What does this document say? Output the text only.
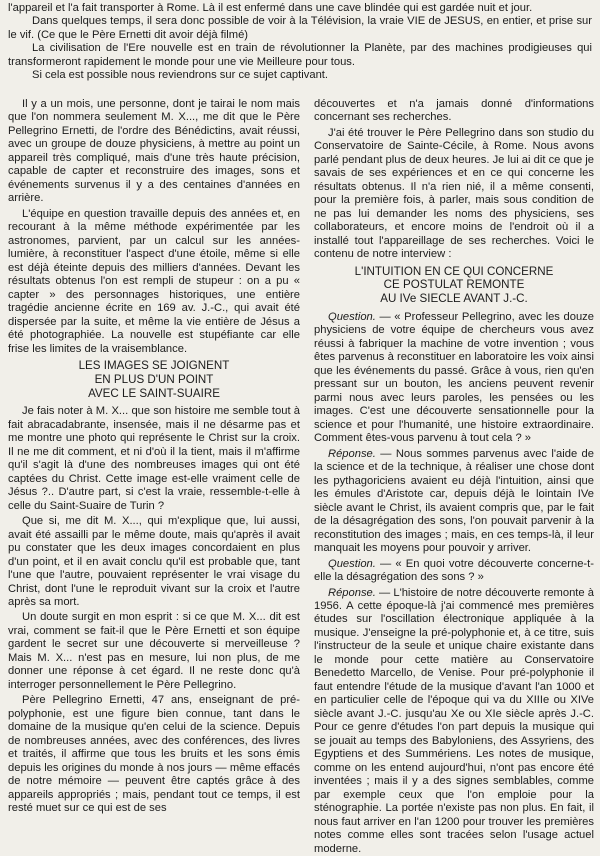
l'appareil et l'a fait transporter à Rome. Là il est enfermé dans une cave blindée qui est gardée nuit et jour.

Dans quelques temps, il sera donc possible de voir à la Télévision, la vraie VIE de JESUS, en entier, et prise sur le vif. (Ce que le Père Ernetti dit avoir déjà filmé)

La civilisation de l'Ere nouvelle est en train de révolutionner la Planète, par des machines prodigieuses qui transformeront rapidement le monde pour une vie Meilleure pour tous.

Si cela est possible nous reviendrons sur ce sujet captivant.

Il y a un mois, une personne, dont je tairai le nom mais que l'on nommera seulement M. X..., me dit que le Père Pellegrino Ernetti, de l'ordre des Bénédictins, avait réussi, avec un groupe de douze physiciens, à mettre au point un appareil très compliqué, mais d'une très haute précision, capable de capter et reconstruire des images, sons et événements survenus il y a des centaines d'années en arrière.

L'équipe en question travaille depuis des années et, en recourant à la même méthode expérimentée par les astronomes, parvient, par un calcul sur les années-lumière, à reconstituer l'aspect d'une étoile, même si elle est déjà éteinte depuis des milliers d'années. Devant les résultats obtenus l'on est rempli de stupeur : on a pu « capter » des personnages historiques, une entière tragédie ancienne écrite en 169 av. J.-C., qui avait été dispersée par la suite, et même la vie entière de Jésus a été photographiée. La nouvelle est stupéfiante car elle frise les limites de la vraisemblance.

LES IMAGES SE JOIGNENT
EN PLUS D'UN POINT
AVEC LE SAINT-SUAIRE

Je fais noter à M. X... que son histoire me semble tout à fait abracadabrante, insensée, mais il ne désarme pas et me montre une photo qui représente le Christ sur la croix. Il ne me dit comment, et ni d'où il la tient, mais il m'affirme qu'il s'agit là d'une des nombreuses images qui ont été captées du Christ. Cette image est-elle vraiment celle de Jésus ?.. D'autre part, si c'est la vraie, ressemble-t-elle à celle du Saint-Suaire de Turin ?

Que si, me dit M. X..., qui m'explique que, lui aussi, avait été assailli par le même doute, mais qu'après il avait pu constater que les deux images concordaient en plus d'un point, et il en avait conclu qu'il est probable que, tant l'une que l'autre, pouvaient représenter le vrai visage du Christ, dont l'une le reproduit vivant sur la croix et l'autre après sa mort.

Un doute surgit en mon esprit : si ce que M. X... dit est vrai, comment se fait-il que le Père Ernetti et son équipe gardent le secret sur une découverte si merveilleuse ? Mais M. X... n'est pas en mesure, lui non plus, de me donner une réponse à cet égard. Il ne reste donc qu'à interroger personnellement le Père Pellegrino.

Père Pellegrino Ernetti, 47 ans, enseignant de pré-polyphonie, est une figure bien connue, tant dans le domaine de la musique qu'en celui de la science. Depuis de nombreuses années, avec des conférences, des livres et traités, il affirme que tous les bruits et les sons émis depuis les origines du monde à nos jours — même effacés de notre mémoire — peuvent être captés grâce à des appareils appropriés ; mais, pendant tout ce temps, il est resté muet sur ce qui est de ses

découvertes et n'a jamais donné d'informations concernant ses recherches.

J'ai été trouver le Père Pellegrino dans son studio du Conservatoire de Sainte-Cécile, à Rome. Nous avons parlé pendant plus de deux heures. Je lui ai dit ce que je savais de ses expériences et en ce qui concerne les résultats obtenus. Il n'a rien nié, il a même consenti, pour la première fois, à parler, mais sous condition de ne pas lui demander les noms des physiciens, ses collaborateurs, et encore moins de l'endroit où il a installé tout l'appareillage de ses recherches. Voici le contenu de notre interview :

L'INTUITION EN CE QUI CONCERNE
CE POSTULAT REMONTE
AU IVe SIECLE AVANT J.-C.

Question. — « Professeur Pellegrino, avec les douze physiciens de votre équipe de chercheurs vous avez réussi à fabriquer la machine de votre invention ; vous êtes parvenus à reconstituer en laboratoire les voix ainsi que les événements du passé. Grâce à vous, rien qu'en pressant sur un bouton, les anciens peuvent revenir parmi nous avec leurs paroles, les pensées ou les images. C'est une découverte sensationnelle pour la science et pour l'humanité, une histoire extraordinaire. Comment êtes-vous parvenu à tout cela ? »

Réponse. — Nous sommes parvenus avec l'aide de la science et de la technique, à réaliser une chose dont les pythagoriciens avaient eu déjà l'intuition, ainsi que les émules d'Aristote car, depuis déjà le lointain IVe siècle avant le Christ, ils avaient compris que, par le fait de la désagrégation des sons, l'on pouvait parvenir à la reconstitution des images ; mais, en ces temps-là, il leur manquait les moyens pour pouvoir y arriver.

Question. — « En quoi votre découverte concerne-t-elle la désagrégation des sons ? »

Réponse. — L'histoire de notre découverte remonte à 1956. A cette époque-là j'ai commencé mes premières études sur l'oscillation électronique appliquée à la musique. J'enseigne la pré-polyphonie et, à ce titre, suis l'instructeur de la seule et unique chaire existante dans le monde pour cette matière au Conservatoire Benedetto Marcello, de Venise. Pour pré-polyphonie il faut entendre l'étude de la musique d'avant l'an 1000 et en particulier celle de l'époque qui va du XIIIe ou XIVe siècle avant J.-C. jusqu'au Xe ou XIe siècle après J.-C. Pour ce genre d'études l'on part depuis la musique qui se jouait au temps des Babyloniens, des Assyriens, des Egyptiens et des Summériens. Les notes de musique, comme on les entend aujourd'hui, n'ont pas encore été inventées ; mais il y a des signes semblables, comme par exemple ceux que l'on emploie pour la sténographie. La portée n'existe pas non plus. En fait, il nous faut arriver en l'an 1200 pour trouver les premières notes comme elles sont tracées selon l'usage actuel moderne.
